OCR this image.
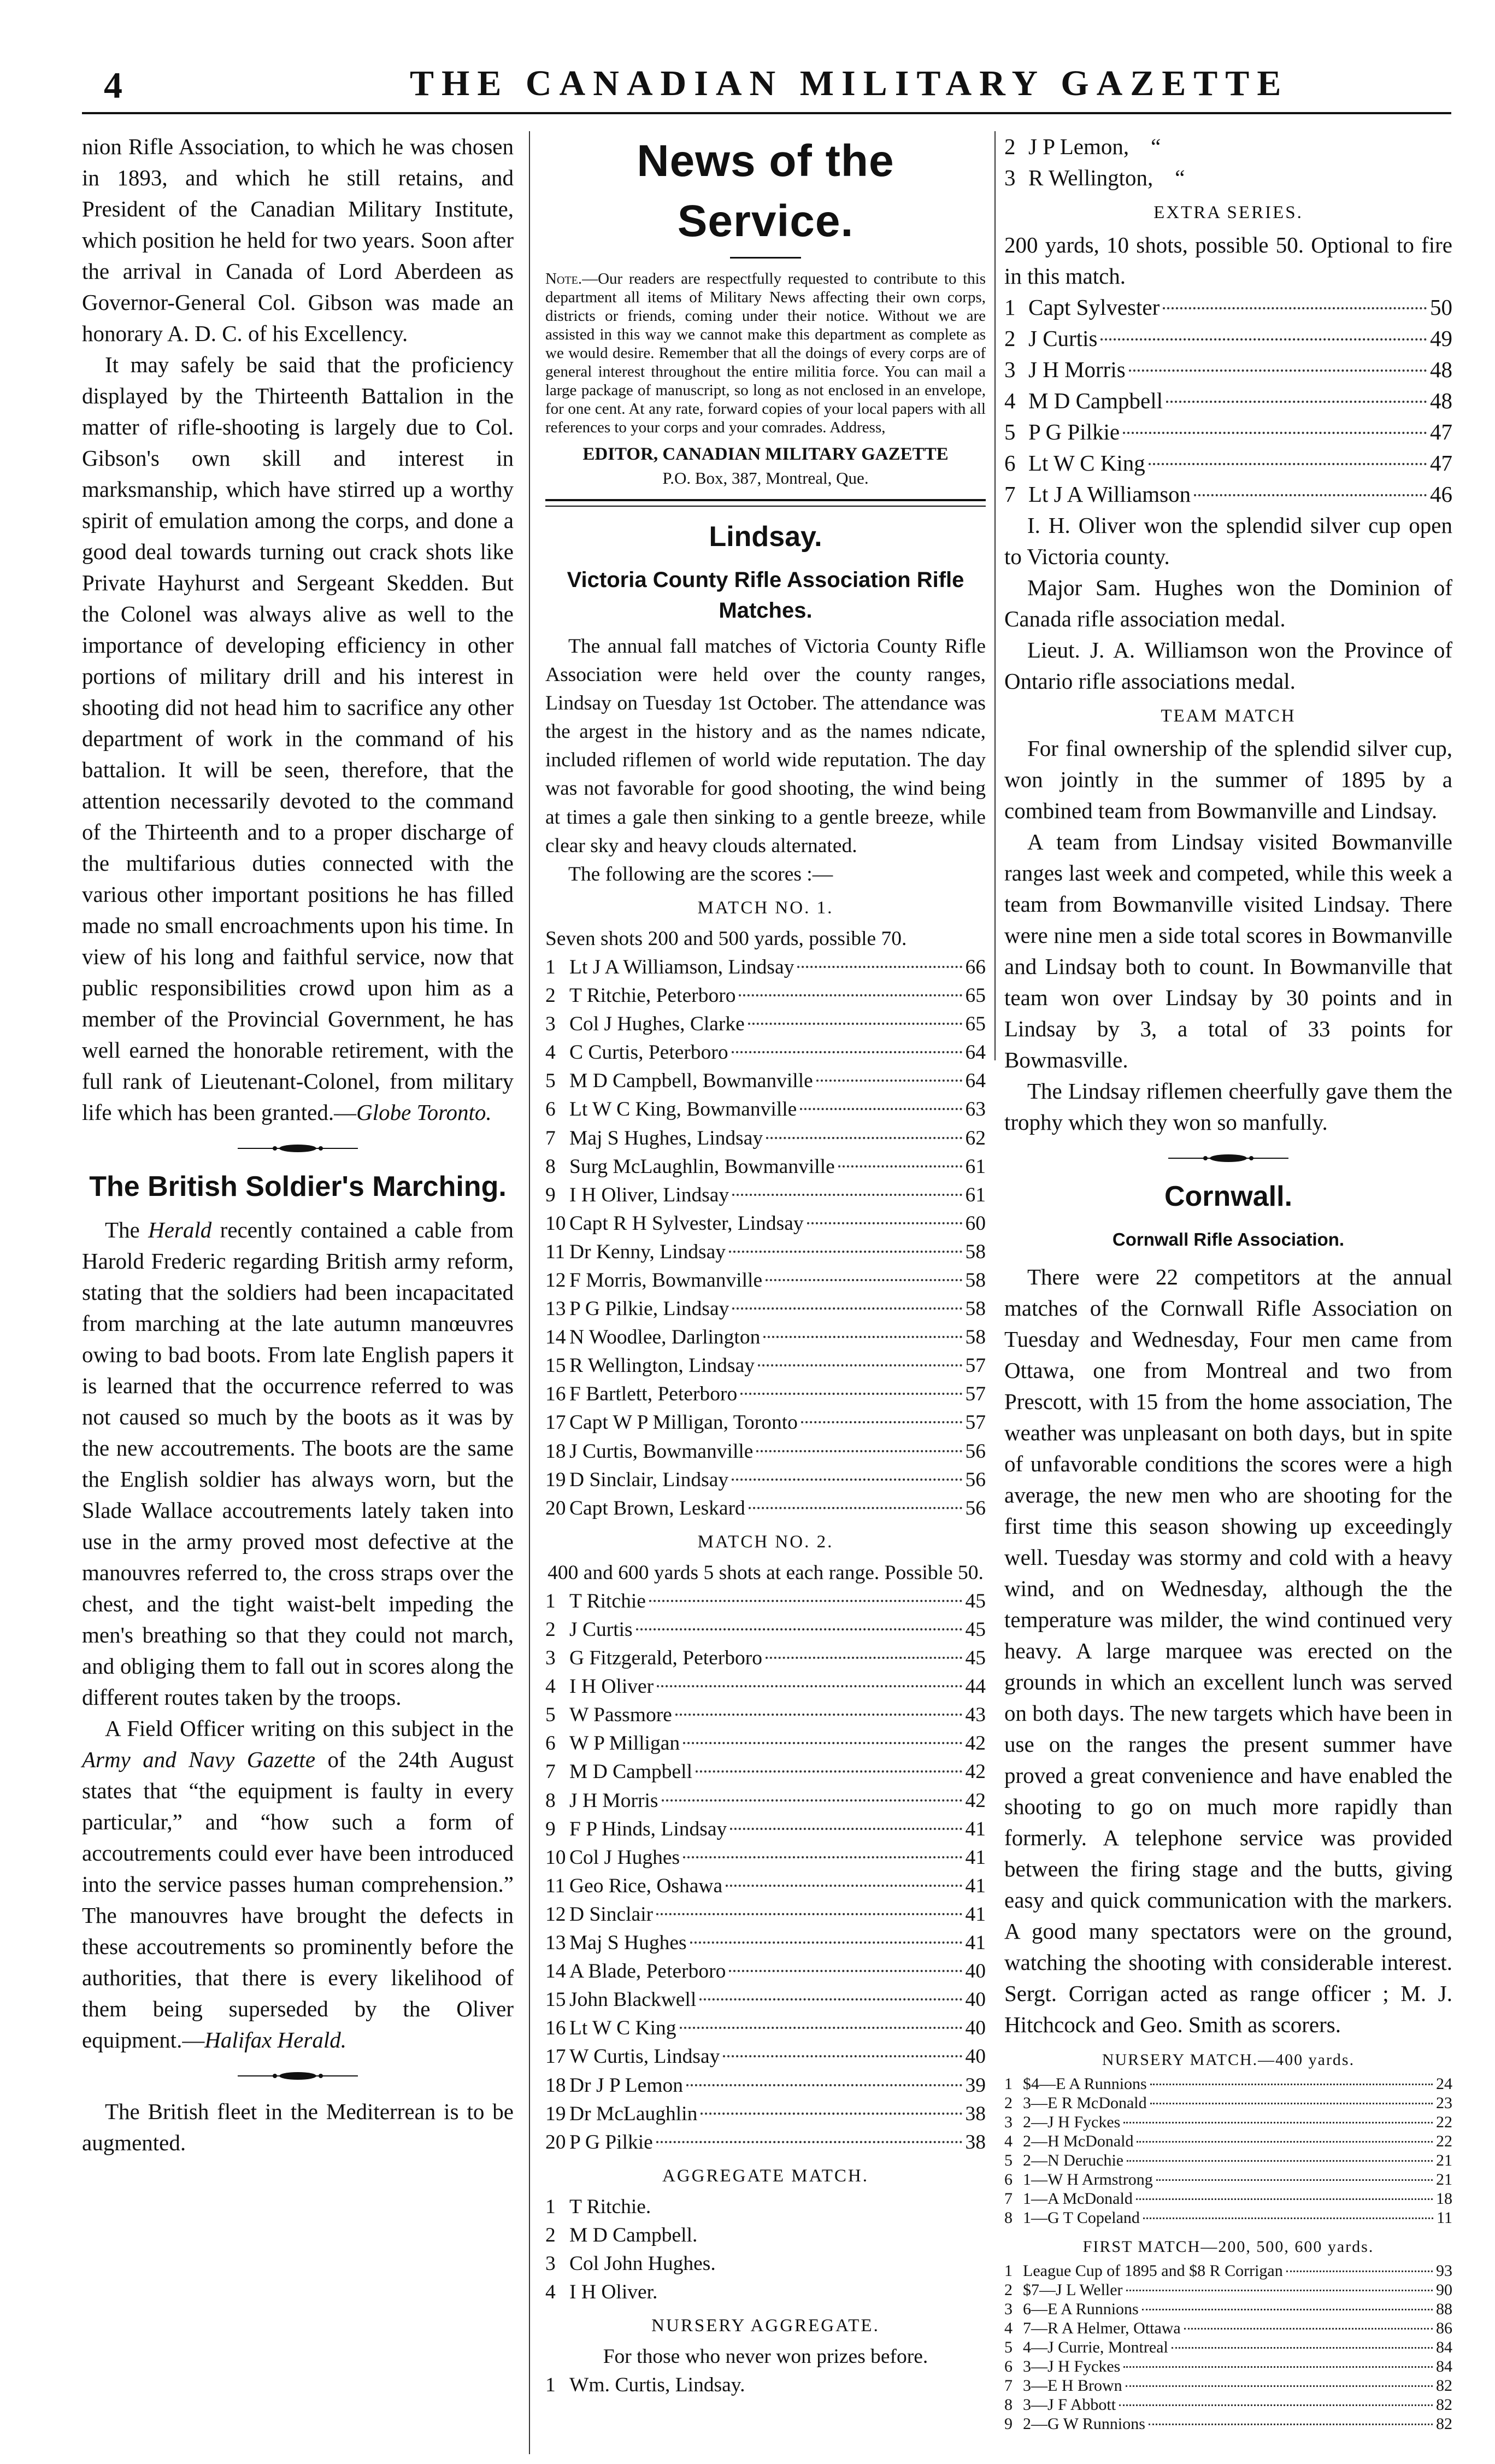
4	THE CANADIAN MILITARY GAZETTE

nion Rifle Association, to which he was chosen in 1893, and which he still retains, and President of the Canadian Military Institute, which position he held for two years. Soon after the arrival in Canada of Lord Aberdeen as Governor-General Col. Gibson was made an honorary A. D. C. of his Excellency.

It may safely be said that the proficiency displayed by the Thirteenth Battalion in the matter of rifle-shooting is largely due to Col. Gibson's own skill and interest in marksmanship, which have stirred up a worthy spirit of emulation among the corps, and done a good deal towards turning out crack shots like Private Hayhurst and Sergeant Skedden. But the Colonel was always alive as well to the importance of developing efficiency in other portions of military drill and his interest in shooting did not head him to sacrifice any other department of work in the command of his battalion. It will be seen, therefore, that the attention necessarily devoted to the command of the Thirteenth and to a proper discharge of the multifarious duties connected with the various other important positions he has filled made no small encroachments upon his time. In view of his long and faithful service, now that public responsibilities crowd upon him as a member of the Provincial Government, he has well earned the honorable retirement, with the full rank of Lieutenant-Colonel, from military life which has been granted.—Globe Toronto.

The British Soldier's Marching.

The Herald recently contained a cable from Harold Frederic regarding British army reform, stating that the soldiers had been incapacitated from marching at the late autumn manœuvres owing to bad boots. From late English papers it is learned that the occurrence referred to was not caused so much by the boots as it was by the new accoutrements. The boots are the same the English soldier has always worn, but the Slade Wallace accoutrements lately taken into use in the army proved most defective at the manouvres referred to, the cross straps over the chest, and the tight waist-belt impeding the men's breathing so that they could not march, and obliging them to fall out in scores along the different routes taken by the troops.

A Field Officer writing on this subject in the Army and Navy Gazette of the 24th August states that “the equipment is faulty in every particular,” and “how such a form of accoutrements could ever have been introduced into the service passes human comprehension.” The manouvres have brought the defects in these accoutrements so prominently before the authorities, that there is every likelihood of them being superseded by the Oliver equipment.—Halifax Herald.

The British fleet in the Mediterrean is to be augmented.

News of the Service.

Note.—Our readers are respectfully requested to contribute to this department all items of Military News affecting their own corps, districts or friends, coming under their notice. Without we are assisted in this way we cannot make this department as complete as we would desire. Remember that all the doings of every corps are of general interest throughout the entire militia force. You can mail a large package of manuscript, so long as not enclosed in an envelope, for one cent. At any rate, forward copies of your local papers with all references to your corps and your comrades. Address,

EDITOR, CANADIAN MILITARY GAZETTE
P.O. Box, 387, Montreal, Que.
Lindsay.
Victoria County Rifle Association Rifle Matches.

The annual fall matches of Victoria County Rifle Association were held over the county ranges, Lindsay on Tuesday 1st October. The attendance was the argest in the history and as the names ndicate, included riflemen of world wide reputation. The day was not favorable for good shooting, the wind being at times a gale then sinking to a gentle breeze, while clear sky and heavy clouds alternated.

The following are the scores :—

MATCH NO. 1.
Seven shots 200 and 500 yards, possible 70.
1 Lt J A Williamson, Lindsay	66
2 T Ritchie, Peterboro	65
3 Col J Hughes, Clarke	65
4 C Curtis, Peterboro	64
5 M D Campbell, Bowmanville	64
6 Lt W C King, Bowmanville	63
7 Maj S Hughes, Lindsay	62
8 Surg McLaughlin, Bowmanville	61
9 I H Oliver, Lindsay	61
10 Capt R H Sylvester, Lindsay	60
11 Dr Kenny, Lindsay	58
12 F Morris, Bowmanville	58
13 P G Pilkie, Lindsay	58
14 N Woodlee, Darlington	58
15 R Wellington, Lindsay	57
16 F Bartlett, Peterboro	57
17 Capt W P Milligan, Toronto	57
18 J Curtis, Bowmanville	56
19 D Sinclair, Lindsay	56
20 Capt Brown, Leskard	56
MATCH NO. 2.
400 and 600 yards 5 shots at each range. Possible 50.
1 T Ritchie	45
2 J Curtis	45
3 G Fitzgerald, Peterboro	45
4 I H Oliver	44
5 W Passmore	43
6 W P Milligan	42
7 M D Campbell	42
8 J H Morris	42
9 F P Hinds, Lindsay	41
10 Col J Hughes	41
11 Geo Rice, Oshawa	41
12 D Sinclair	41
13 Maj S Hughes	41
14 A Blade, Peterboro	40
15 John Blackwell	40
16 Lt W C King	40
17 W Curtis, Lindsay	40
18 Dr J P Lemon	39
19 Dr McLaughlin	38
20 P G Pilkie	38
AGGREGATE MATCH.
1 T Ritchie.
2 M D Campbell.
3 Col John Hughes.
4 I H Oliver.
NURSERY AGGREGATE.
For those who never won prizes before.
1 Wm. Curtis, Lindsay.
2 J P Lemon, “
3 R Wellington, “
EXTRA SERIES.
200 yards, 10 shots, possible 50. Optional to fire in this match.
1 Capt Sylvester	50
2 J Curtis	49
3 J H Morris	48
4 M D Campbell	48
5 P G Pilkie	47
6 Lt W C King	47
7 Lt J A Williamson	46

I. H. Oliver won the splendid silver cup open to Victoria county.

Major Sam. Hughes won the Dominion of Canada rifle association medal.

Lieut. J. A. Williamson won the Province of Ontario rifle associations medal.

TEAM MATCH

For final ownership of the splendid silver cup, won jointly in the summer of 1895 by a combined team from Bowmanville and Lindsay.

A team from Lindsay visited Bowmanville ranges last week and competed, while this week a team from Bowmanville visited Lindsay. There were nine men a side total scores in Bowmanville and Lindsay both to count. In Bowmanville that team won over Lindsay by 30 points and in Lindsay by 3, a total of 33 points for Bowmasville.

The Lindsay riflemen cheerfully gave them the trophy which they won so manfully.

Cornwall.
Cornwall Rifle Association.

There were 22 competitors at the annual matches of the Cornwall Rifle Association on Tuesday and Wednesday, Four men came from Ottawa, one from Montreal and two from Prescott, with 15 from the home association, The weather was unpleasant on both days, but in spite of unfavorable conditions the scores were a high average, the new men who are shooting for the first time this season showing up exceedingly well. Tuesday was stormy and cold with a heavy wind, and on Wednesday, although the the temperature was milder, the wind continued very heavy. A large marquee was erected on the grounds in which an excellent lunch was served on both days. The new targets which have been in use on the ranges the present summer have proved a great convenience and have enabled the shooting to go on much more rapidly than formerly. A telephone service was provided between the firing stage and the butts, giving easy and quick communication with the markers. A good many spectators were on the ground, watching the shooting with considerable interest. Sergt. Corrigan acted as range officer ; M. J. Hitchcock and Geo. Smith as scorers.

NURSERY MATCH.—400 yards.
1 $4—E A Runnions	24
2 3—E R McDonald	23
3 2—J H Fyckes	22
4 2—H McDonald	22
5 2—N Deruchie	21
6 1—W H Armstrong	21
7 1—A McDonald	18
8 1—G T Copeland	11
FIRST MATCH—200, 500, 600 yards.
1 League Cup of 1895 and $8 R Corrigan	93
2 $7—J L Weller	90
3 6—E A Runnions	88
4 7—R A Helmer, Ottawa	86
5 4—J Currie, Montreal	84
6 3—J H Fyckes	84
7 3—E H Brown	82
8 3—J F Abbott	82
9 2—G W Runnions	82
